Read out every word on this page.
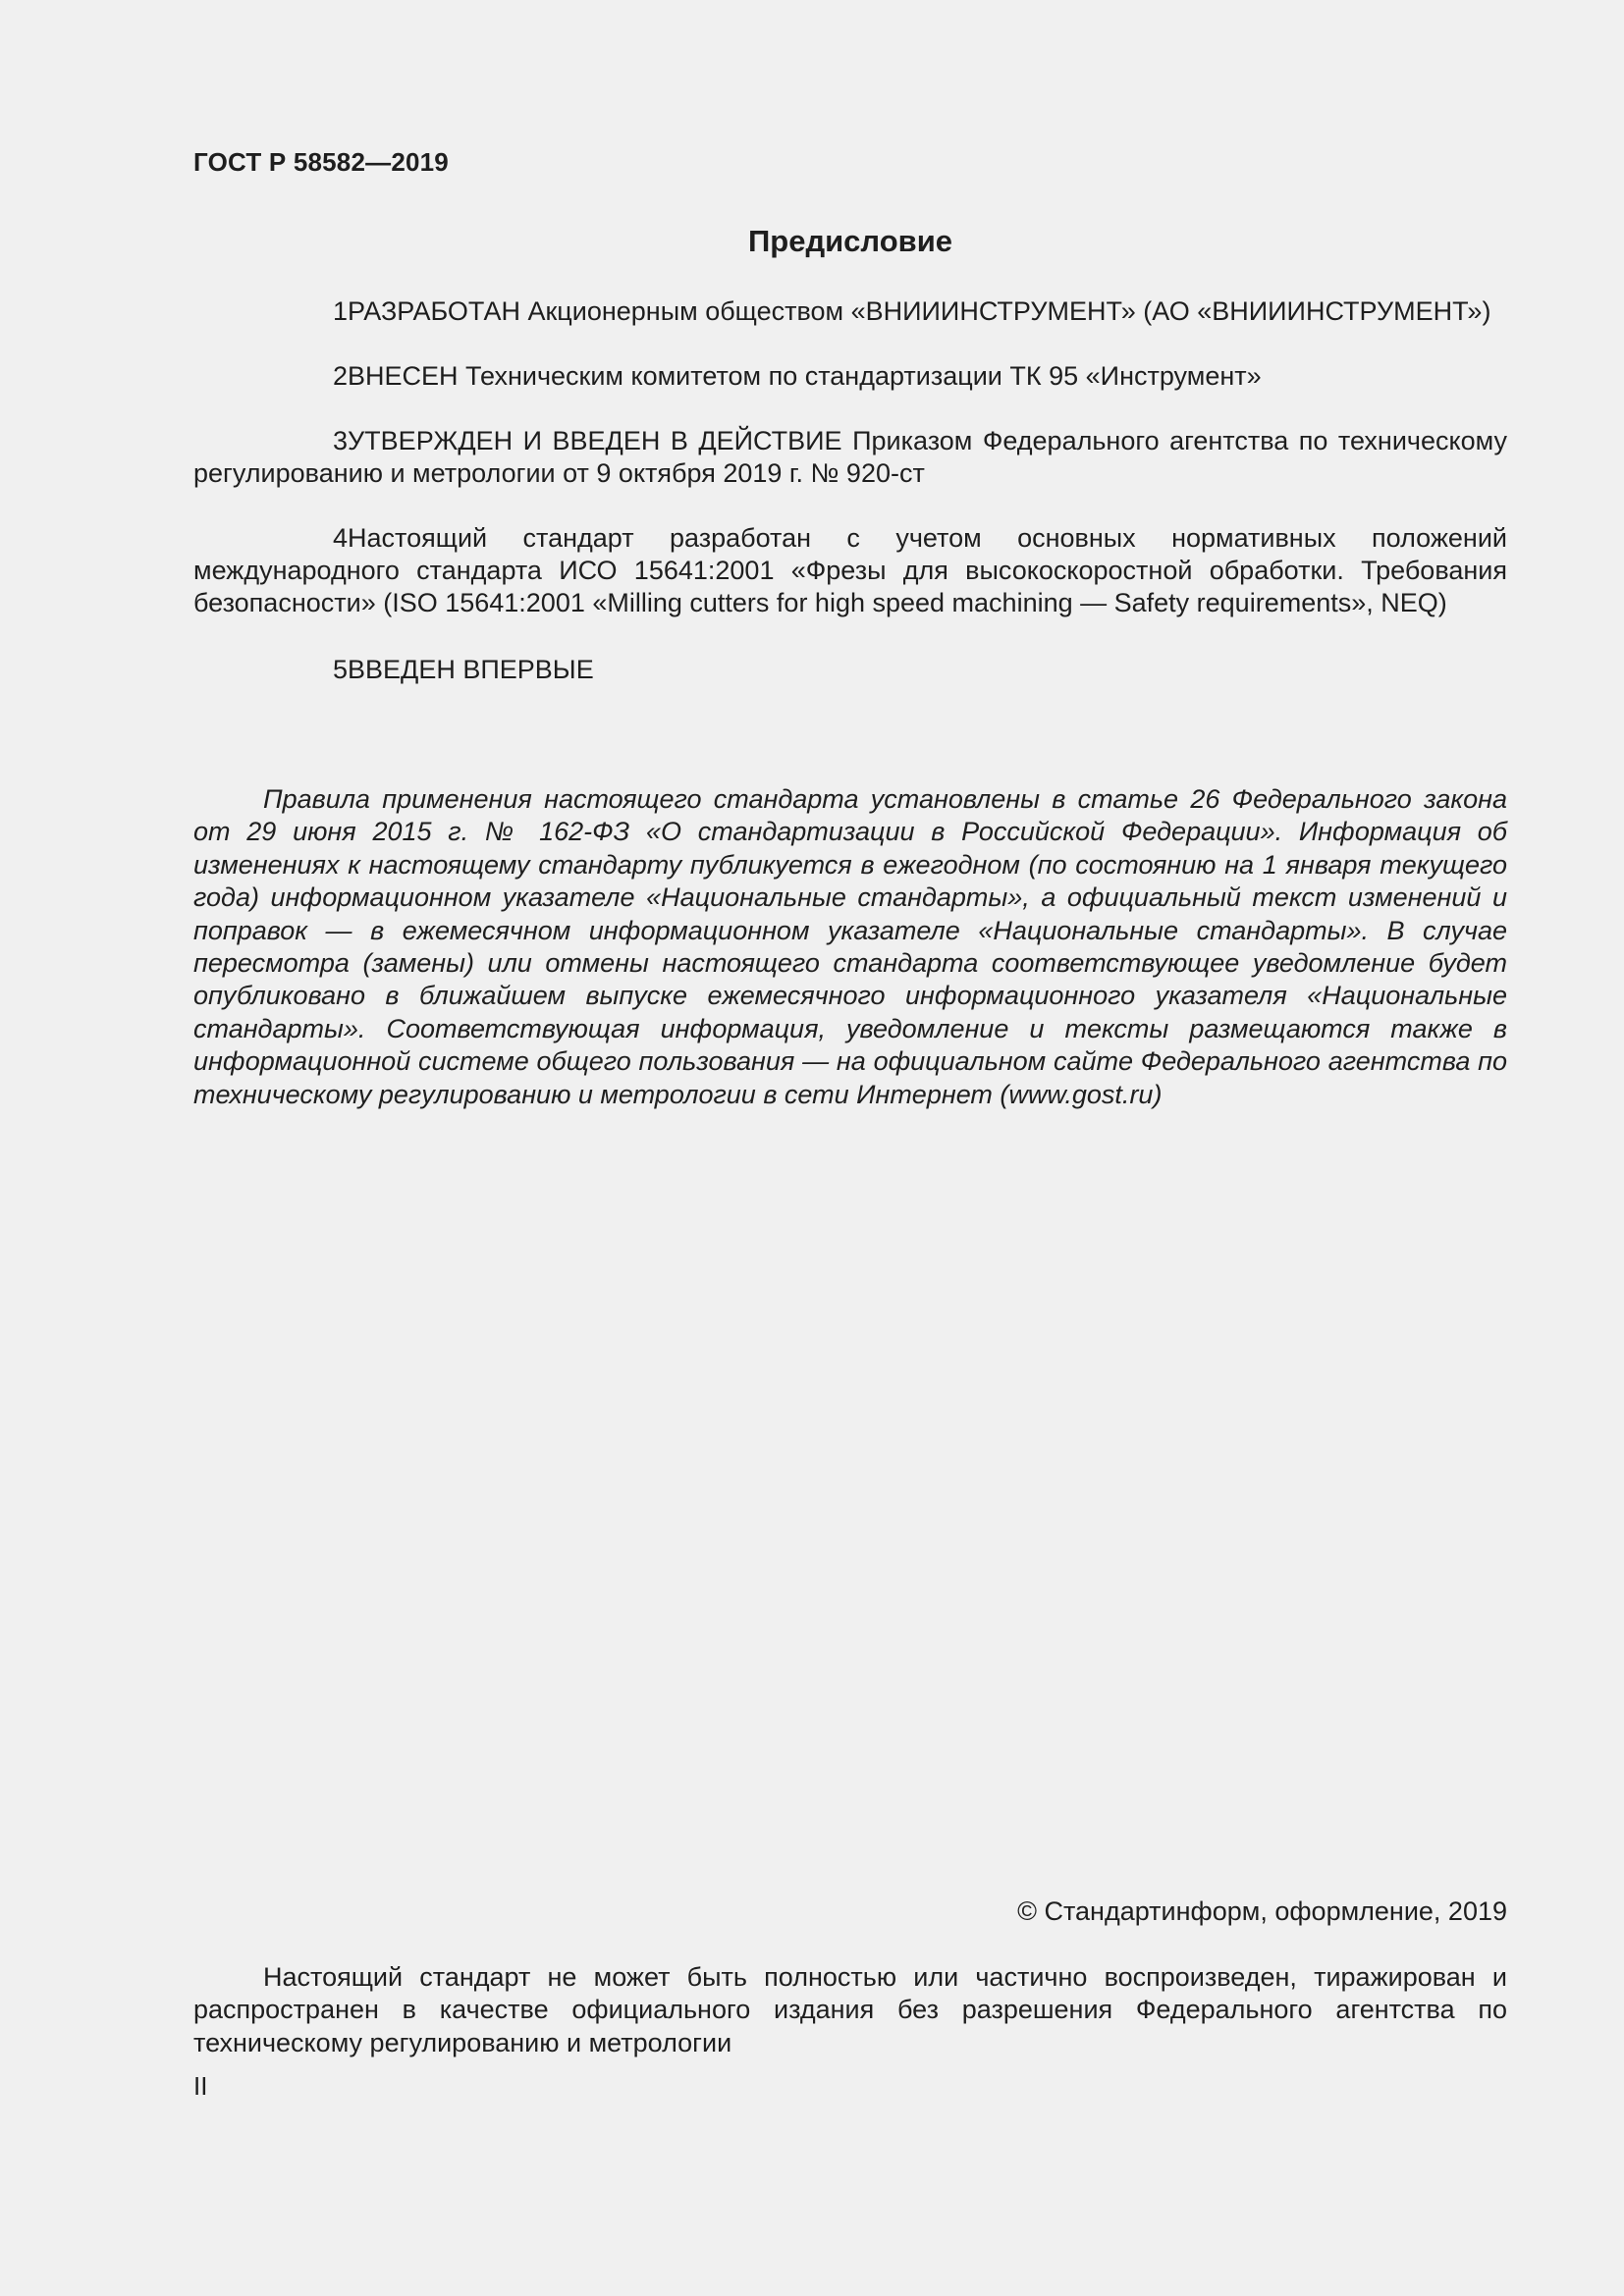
ГОСТ Р 58582—2019
Предисловие

1РАЗРАБОТАН Акционерным обществом «ВНИИИНСТРУМЕНТ» (АО «ВНИИИНСТРУМЕНТ»)

2ВНЕСЕН Техническим комитетом по стандартизации ТК 95 «Инструмент»

3УТВЕРЖДЕН И ВВЕДЕН В ДЕЙСТВИЕ Приказом Федерального агентства по техническому регулированию и метрологии от 9 октября 2019 г. № 920-ст

4Настоящий стандарт разработан с учетом основных нормативных положений международного стандарта ИСО 15641:2001 «Фрезы для высокоскоростной обработки. Требования безопасности» (ISO 15641:2001 «Milling cutters for high speed machining — Safety requirements», NEQ)

5ВВЕДЕН ВПЕРВЫЕ

Правила применения настоящего стандарта установлены в статье 26 Федерального закона от 29 июня 2015 г. № 162-ФЗ «О стандартизации в Российской Федерации». Информация об изменениях к настоящему стандарту публикуется в ежегодном (по состоянию на 1 января текущего года) информационном указателе «Национальные стандарты», а официальный текст изменений и поправок — в ежемесячном информационном указателе «Национальные стандарты». В случае пересмотра (замены) или отмены настоящего стандарта соответствующее уведомление будет опубликовано в ближайшем выпуске ежемесячного информационного указателя «Национальные стандарты». Соответствующая информация, уведомление и тексты размещаются также в информационной системе общего пользования — на официальном сайте Федерального агентства по техническому регулированию и метрологии в сети Интернет (www.gost.ru)

© Стандартинформ, оформление, 2019

Настоящий стандарт не может быть полностью или частично воспроизведен, тиражирован и распространен в качестве официального издания без разрешения Федерального агентства по техническому регулированию и метрологии

II
